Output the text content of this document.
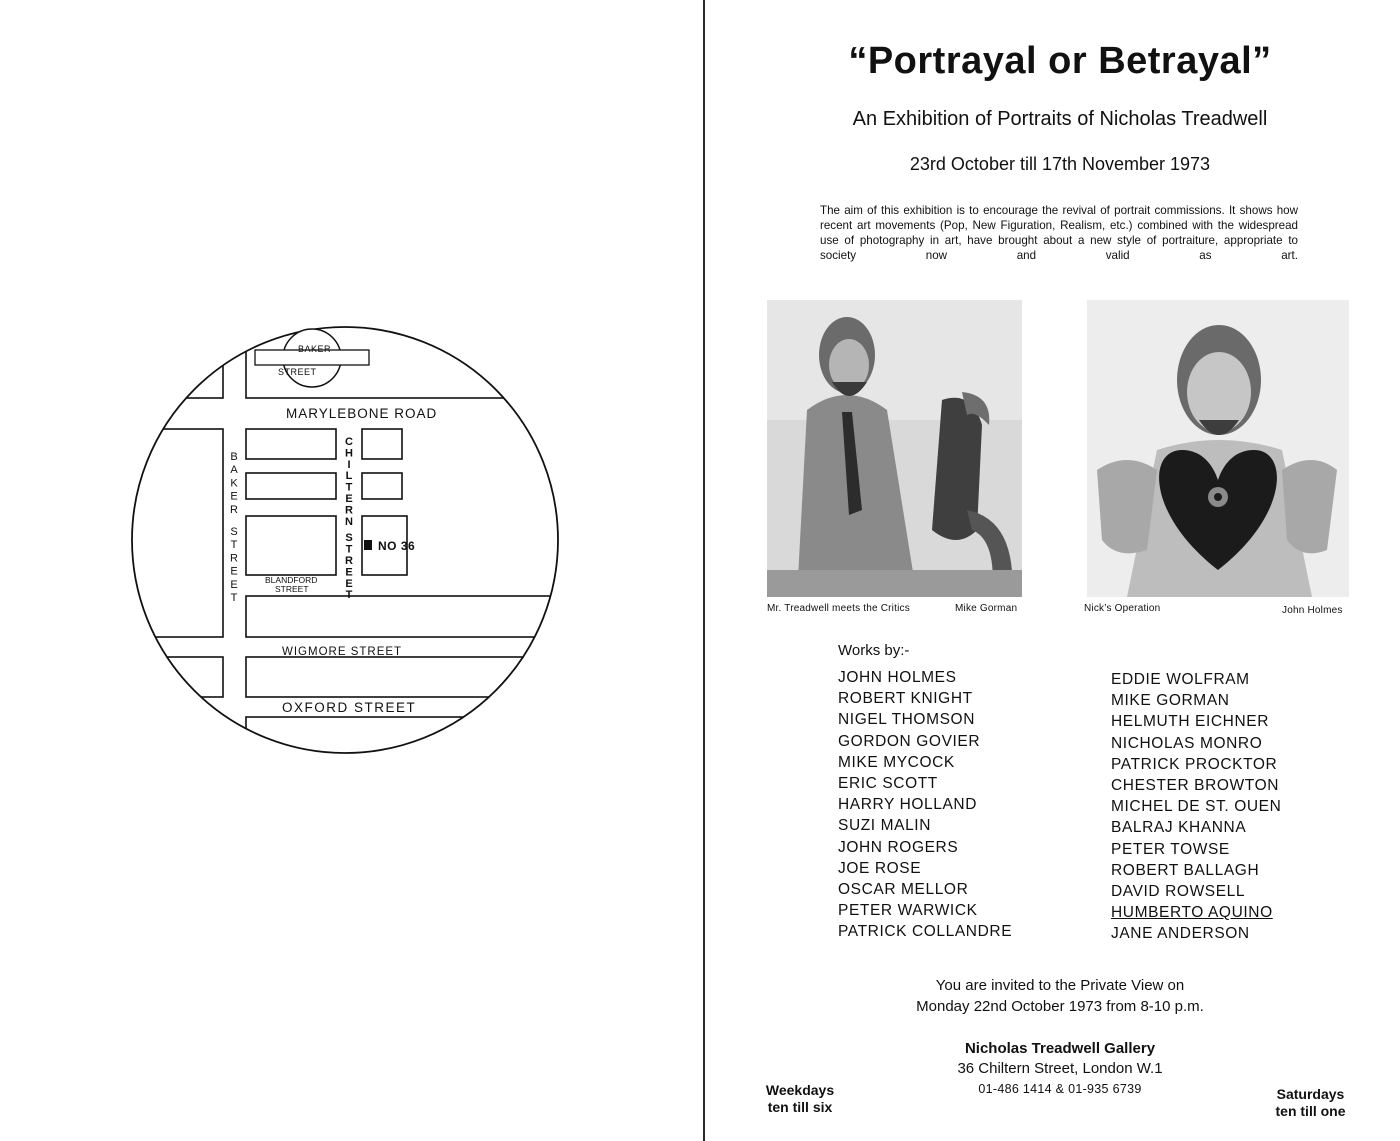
BAKER
STREET
MARYLEBONE ROAD
WIGMORE STREET
OXFORD STREET
B
A
K
E
R
S
T
R
E
E
T
C
H
I
L
T
E
R
N
S
T
R
E
E
T
NO 36
BLANDFORD
STREET
“Portrayal or Betrayal”
An Exhibition of Portraits of Nicholas Treadwell
23rd October till 17th November 1973
The aim of this exhibition is to encourage the revival of portrait commissions. It shows how recent art movements (Pop, New Figuration, Realism, etc.) combined with the widespread use of photography in art, have brought about a new style of portraiture, appropriate to society now and valid as art.
Mr. Treadwell meets the Critics	Mike Gorman	Nick’s Operation	John Holmes
Works by:-
JOHN HOLMES
ROBERT KNIGHT
NIGEL THOMSON
GORDON GOVIER
MIKE MYCOCK
ERIC SCOTT
HARRY HOLLAND
SUZI MALIN
JOHN ROGERS
JOE ROSE
OSCAR MELLOR
PETER WARWICK
PATRICK COLLANDRE
EDDIE WOLFRAM
MIKE GORMAN
HELMUTH EICHNER
NICHOLAS MONRO
PATRICK PROCKTOR
CHESTER BROWTON
MICHEL DE ST. OUEN
BALRAJ KHANNA
PETER TOWSE
ROBERT BALLAGH
DAVID ROWSELL
HUMBERTO AQUINO
JANE ANDERSON
You are invited to the Private View on
Monday 22nd October 1973 from 8-10 p.m.
Nicholas Treadwell Gallery
36 Chiltern Street, London W.1
01-486 1414 & 01-935 6739
Weekdays
ten till six
Saturdays
ten till one
